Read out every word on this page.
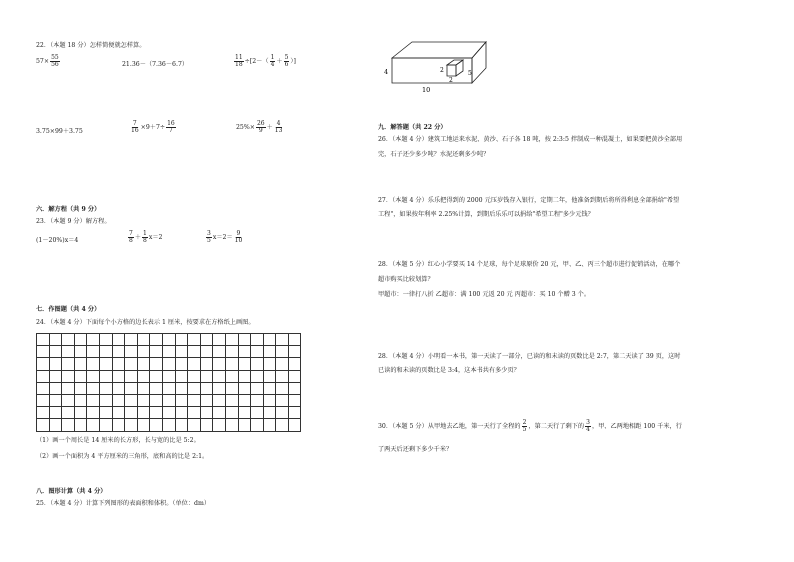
22．（本题 18 分）怎样简便就怎样算。
$57\times \frac{55}{56}$	21.36－（7.36－6.7）	$\frac{11}{18} \div[2-( \frac{1}{4} + \frac{5}{6}$ ）]
3.75×99＋3.75	$\frac{7}{16} \times 9+7\div \frac{16}{7}$	$25\%\times \frac{26}{9} + \frac{4}{13}$
六．解方程（共 9 分）
23．（本题 9 分）解方程。
(1－20%)x＝4	$\frac{7}{8} + \frac{1}{8} x=2$	$\frac{3}{5} x=2= \frac{9}{10}$
七．作图题（共 4 分）
24．（本题 4 分）下面每个小方格的边长表示 1 厘米，按要求在方格纸上画图。

（1）画一个周长是 14 厘米的长方形，长与宽的比是 5:2。
（2）画一个面积为 4 平方厘米的三角形，底和高的比是 2:1。
八．图形计算（共 4 分）
25．（本题 4 分）计算下列图形的表面积和体积。（单位：dm）
4
10
2
2
5
九．解答题（共 22 分）
26．（本题 4 分）建筑工地运来水泥、黄沙、石子各 18 吨，按 2:3:5 拌制成一种混凝土，如果要把黄沙全部用
完，石子还少多少吨？水泥还剩多少吨？
27．（本题 4 分）乐乐把得到的 2000 元压岁钱存入银行，定期二年，他准备到期后将所得利息全部捐给"希望
工程"，如果按年利率 2.25%计算，到期后乐乐可以捐给"希望工程"多少元钱？
28．（本题 5 分）红心小学要买 14 个足球，每个足球原价 20 元，甲、乙、丙三个超市进行促销活动，在哪个
超市购买比较划算？
甲超市：一律打八折 乙超市：满 100 元返 20 元 丙超市：买 10 个赠 3 个。
28．（本题 4 分）小明看一本书，第一天读了一部分，已读的和未读的页数比是 2:7，第二天读了 39 页，这时
已读的和未读的页数比是 3:4，这本书共有多少页？
30．（本题 5 分）从甲地去乙地，第一天行了全程的 $\frac{2}{5}$ ，第二天行了剩下的 $\frac{3}{4}$ ，甲、乙两地相距 100 千米，行
了两天后还剩下多少千米？
